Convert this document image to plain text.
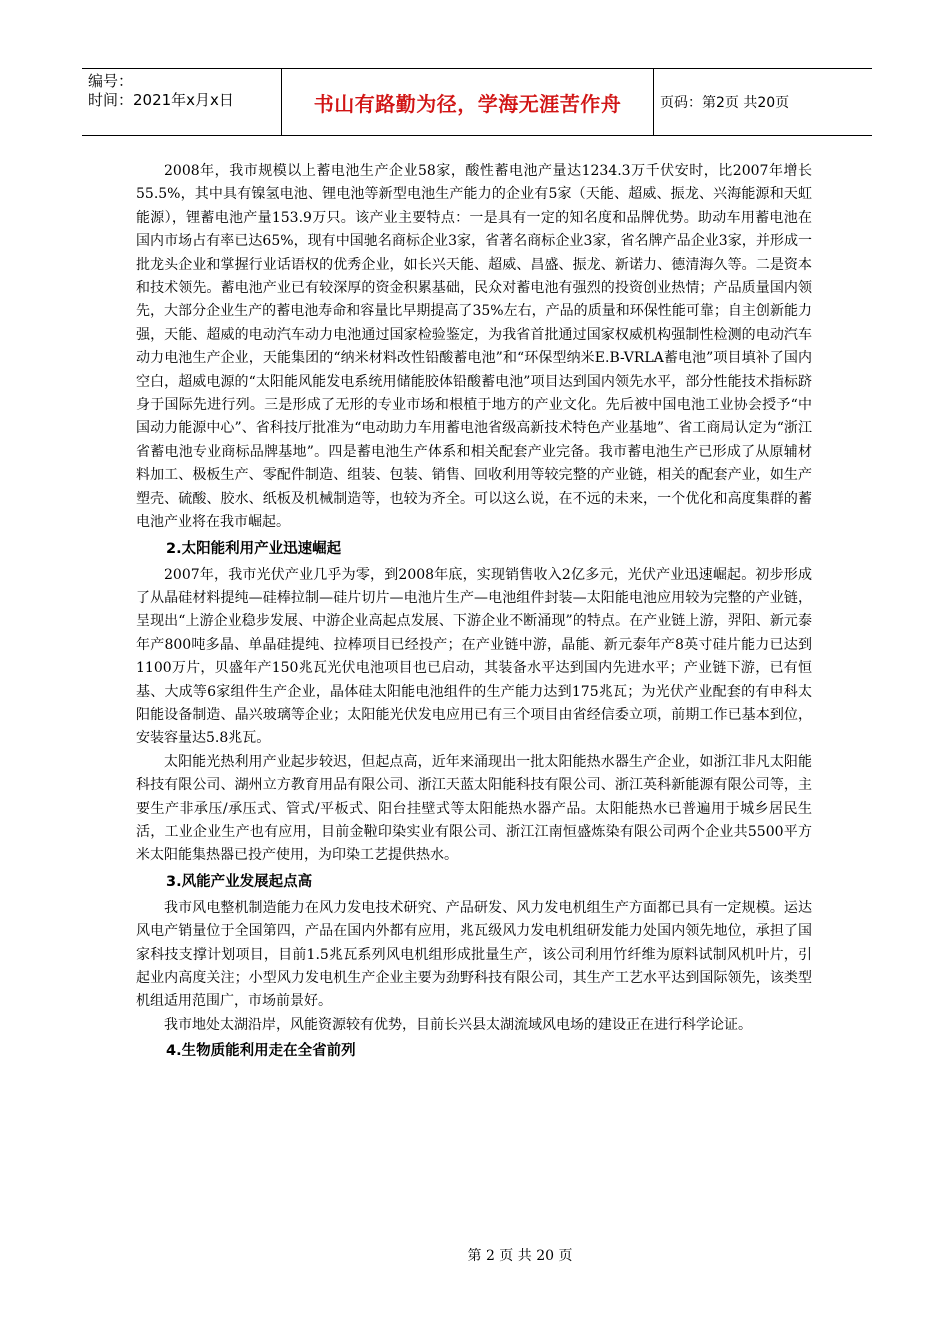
编号：
时间：2021年x月x日	书山有路勤为径，学海无涯苦作舟	页码：第2页 共20页

2008年，我市规模以上蓄电池生产企业58家，酸性蓄电池产量达1234.3万千伏安时，比2007年增长55.5%，其中具有镍氢电池、锂电池等新型电池生产能力的企业有5家（天能、超威、振龙、兴海能源和天虹能源），锂蓄电池产量153.9万只。该产业主要特点：一是具有一定的知名度和品牌优势。助动车用蓄电池在国内市场占有率已达65%，现有中国驰名商标企业3家，省著名商标企业3家，省名牌产品企业3家，并形成一批龙头企业和掌握行业话语权的优秀企业，如长兴天能、超威、昌盛、振龙、新诺力、德清海久等。二是资本和技术领先。蓄电池产业已有较深厚的资金积累基础，民众对蓄电池有强烈的投资创业热情；产品质量国内领先，大部分企业生产的蓄电池寿命和容量比早期提高了35%左右，产品的质量和环保性能可靠；自主创新能力强，天能、超威的电动汽车动力电池通过国家检验鉴定，为我省首批通过国家权威机构强制性检测的电动汽车动力电池生产企业，天能集团的“纳米材料改性铅酸蓄电池”和“环保型纳米E.B-VRLA蓄电池”项目填补了国内空白，超威电源的“太阳能风能发电系统用储能胶体铅酸蓄电池”项目达到国内领先水平，部分性能技术指标跻身于国际先进行列。三是形成了无形的专业市场和根植于地方的产业文化。先后被中国电池工业协会授予“中国动力能源中心”、省科技厅批准为“电动助力车用蓄电池省级高新技术特色产业基地”、省工商局认定为“浙江省蓄电池专业商标品牌基地”。四是蓄电池生产体系和相关配套产业完备。我市蓄电池生产已形成了从原辅材料加工、极板生产、零配件制造、组装、包装、销售、回收利用等较完整的产业链，相关的配套产业，如生产塑壳、硫酸、胶水、纸板及机械制造等，也较为齐全。可以这么说，在不远的未来，一个优化和高度集群的蓄电池产业将在我市崛起。

2.太阳能利用产业迅速崛起

2007年，我市光伏产业几乎为零，到2008年底，实现销售收入2亿多元，光伏产业迅速崛起。初步形成了从晶硅材料提纯—硅棒拉制—硅片切片—电池片生产—电池组件封装—太阳能电池应用较为完整的产业链，呈现出“上游企业稳步发展、中游企业高起点发展、下游企业不断涌现”的特点。在产业链上游，羿阳、新元泰年产800吨多晶、单晶硅提纯、拉棒项目已经投产；在产业链中游，晶能、新元泰年产8英寸硅片能力已达到1100万片，贝盛年产150兆瓦光伏电池项目也已启动，其装备水平达到国内先进水平；产业链下游，已有恒基、大成等6家组件生产企业，晶体硅太阳能电池组件的生产能力达到175兆瓦；为光伏产业配套的有申科太阳能设备制造、晶兴玻璃等企业；太阳能光伏发电应用已有三个项目由省经信委立项，前期工作已基本到位，安装容量达5.8兆瓦。

太阳能光热利用产业起步较迟，但起点高，近年来涌现出一批太阳能热水器生产企业，如浙江非凡太阳能科技有限公司、湖州立方教育用品有限公司、浙江天蓝太阳能科技有限公司、浙江英科新能源有限公司等，主要生产非承压/承压式、管式/平板式、阳台挂壁式等太阳能热水器产品。太阳能热水已普遍用于城乡居民生活，工业企业生产也有应用，目前金鞡印染实业有限公司、浙江江南恒盛炼染有限公司两个企业共5500平方米太阳能集热器已投产使用，为印染工艺提供热水。

3.风能产业发展起点高

我市风电整机制造能力在风力发电技术研究、产品研发、风力发电机组生产方面都已具有一定规模。运达风电产销量位于全国第四，产品在国内外都有应用，兆瓦级风力发电机组研发能力处国内领先地位，承担了国家科技支撑计划项目，目前1.5兆瓦系列风电机组形成批量生产，该公司利用竹纤维为原料试制风机叶片，引起业内高度关注；小型风力发电机生产企业主要为劲野科技有限公司，其生产工艺水平达到国际领先，该类型机组适用范围广，市场前景好。

我市地处太湖沿岸，风能资源较有优势，目前长兴县太湖流域风电场的建设正在进行科学论证。

4.生物质能利用走在全省前列
第 2 页 共 20 页
